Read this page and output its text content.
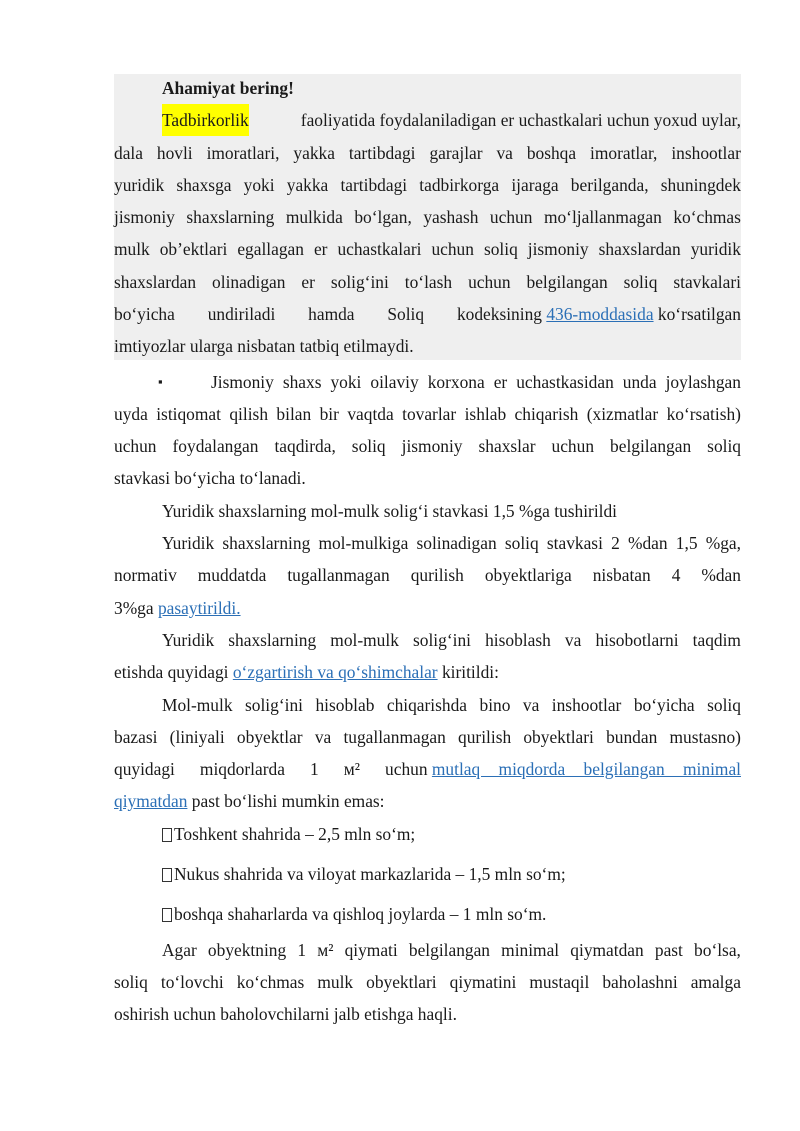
Ahamiyat bering!
Tadbirkorlik	faoliyatida foydalaniladigan er uchastkalari uchun yoxud uylar,
dala hovli imoratlari, yakka tartibdagi garajlar va boshqa imoratlar, inshootlar
yuridik shaxsga yoki yakka tartibdagi tadbirkorga ijaraga berilganda, shuningdek
jismoniy shaxslarning mulkida bo‘lgan, yashash uchun mo‘ljallanmagan ko‘chmas
mulk ob’ektlari egallagan er uchastkalari uchun soliq jismoniy shaxslardan yuridik
shaxslardan olinadigan er solig‘ini to‘lash uchun belgilangan soliq stavkalari
bo‘yicha undiriladi hamda Soliq kodeksining 436-moddasida ko‘rsatilgan
imtiyozlar ularga nisbatan tatbiq etilmaydi.
▪	Jismoniy shaxs yoki oilaviy korxona er uchastkasidan unda joylashgan
uyda istiqomat qilish bilan bir vaqtda tovarlar ishlab chiqarish (xizmatlar ko‘rsatish)
uchun foydalangan taqdirda, soliq jismoniy shaxslar uchun belgilangan soliq
stavkasi bo‘yicha to‘lanadi.
Yuridik shaxslarning mol-mulk solig‘i stavkasi 1,5 %ga tushirildi
Yuridik shaxslarning mol-mulkiga solinadigan soliq stavkasi 2 %dan 1,5 %ga,
normativ muddatda tugallanmagan qurilish obyektlariga nisbatan 4 %dan
3%ga pasaytirildi.
Yuridik shaxslarning mol-mulk solig‘ini hisoblash va hisobotlarni taqdim
etishda quyidagi o‘zgartirish va qo‘shimchalar kiritildi:
Mol-mulk solig‘ini hisoblab chiqarishda bino va inshootlar bo‘yicha soliq
bazasi (liniyali obyektlar va tugallanmagan qurilish obyektlari bundan mustasno)
quyidagi miqdorlarda 1 м² uchun mutlaq miqdorda belgilangan minimal
qiymatdan past bo‘lishi mumkin emas:
Toshkent shahrida – 2,5 mln so‘m;
Nukus shahrida va viloyat markazlarida – 1,5 mln so‘m;
boshqa shaharlarda va qishloq joylarda – 1 mln so‘m.
Agar obyektning 1 м² qiymati belgilangan minimal qiymatdan past bo‘lsa,
soliq to‘lovchi ko‘chmas mulk obyektlari qiymatini mustaqil baholashni amalga
oshirish uchun baholovchilarni jalb etishga haqli.
